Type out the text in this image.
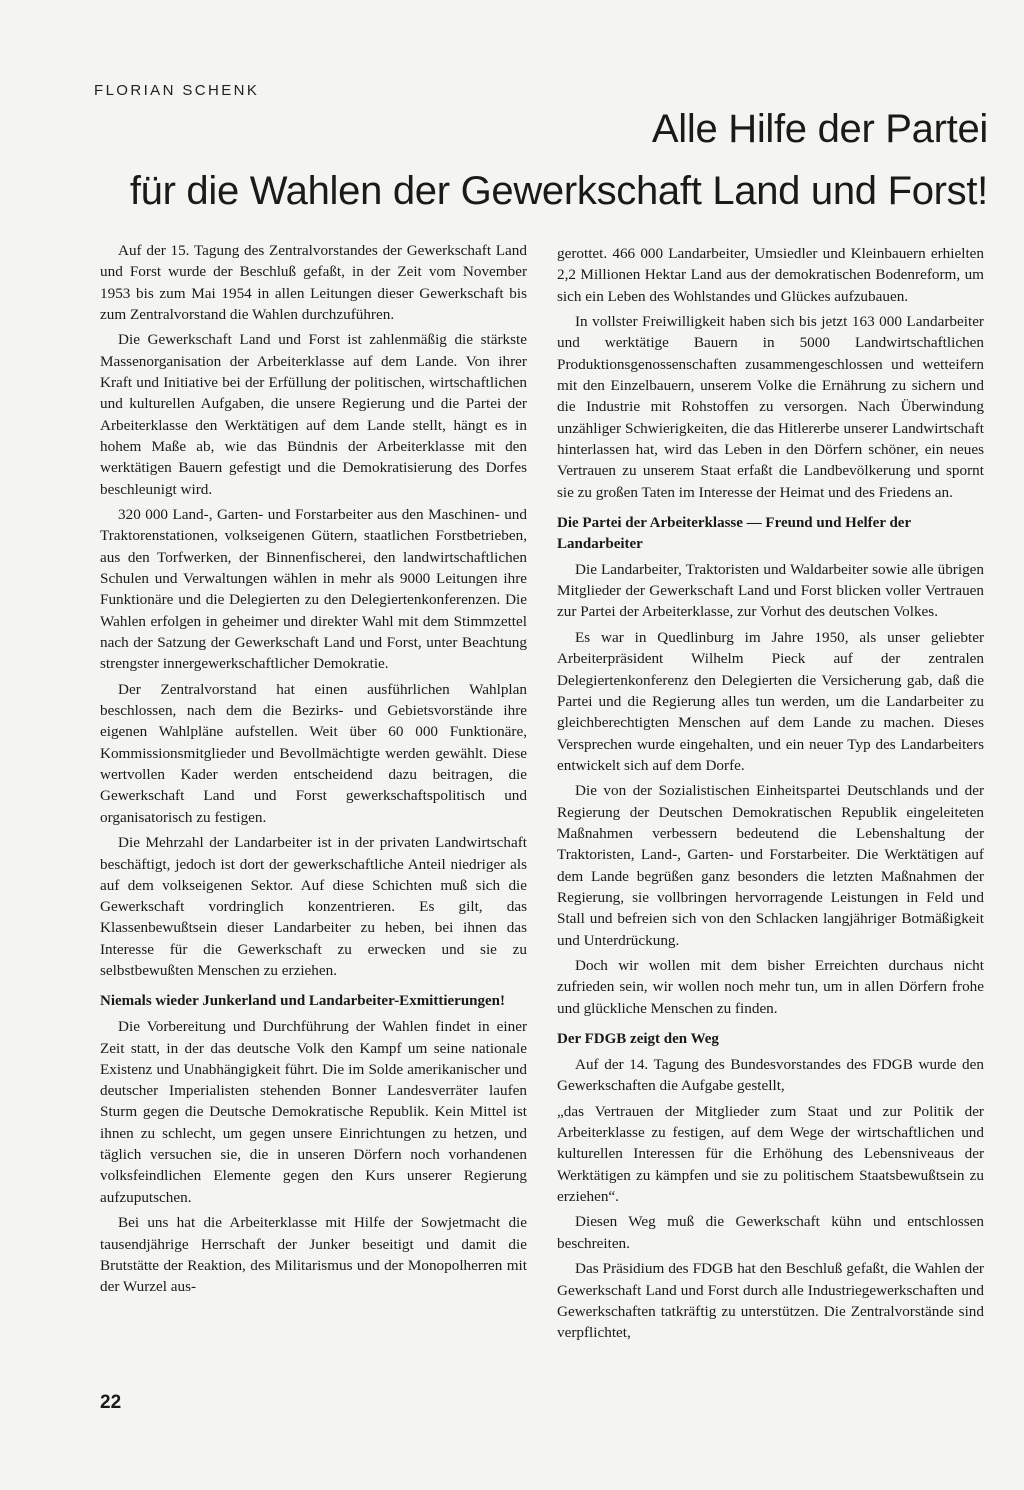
FLORIAN SCHENK
Alle Hilfe der Partei
für die Wahlen der Gewerkschaft Land und Forst!

Auf der 15. Tagung des Zentralvorstandes der Gewerkschaft Land und Forst wurde der Beschluß gefaßt, in der Zeit vom November 1953 bis zum Mai 1954 in allen Leitungen dieser Gewerkschaft bis zum Zentralvorstand die Wahlen durchzuführen.

Die Gewerkschaft Land und Forst ist zahlenmäßig die stärkste Massenorganisation der Arbeiterklasse auf dem Lande. Von ihrer Kraft und Initiative bei der Erfüllung der politischen, wirtschaftlichen und kulturellen Aufgaben, die unsere Regierung und die Partei der Arbeiterklasse den Werktätigen auf dem Lande stellt, hängt es in hohem Maße ab, wie das Bündnis der Arbeiterklasse mit den werktätigen Bauern gefestigt und die Demokratisierung des Dorfes beschleunigt wird.

320 000 Land-, Garten- und Forstarbeiter aus den Maschinen- und Traktorenstationen, volkseigenen Gütern, staatlichen Forstbetrieben, aus den Torfwerken, der Binnenfischerei, den landwirtschaftlichen Schulen und Verwaltungen wählen in mehr als 9000 Leitungen ihre Funktionäre und die Delegierten zu den Delegiertenkonferenzen. Die Wahlen erfolgen in geheimer und direkter Wahl mit dem Stimmzettel nach der Satzung der Gewerkschaft Land und Forst, unter Beachtung strengster innergewerkschaftlicher Demokratie.

Der Zentralvorstand hat einen ausführlichen Wahlplan beschlossen, nach dem die Bezirks- und Gebietsvorstände ihre eigenen Wahlpläne aufstellen. Weit über 60 000 Funktionäre, Kommissionsmitglieder und Bevollmächtigte werden gewählt. Diese wertvollen Kader werden entscheidend dazu beitragen, die Gewerkschaft Land und Forst gewerkschaftspolitisch und organisatorisch zu festigen.

Die Mehrzahl der Landarbeiter ist in der privaten Landwirtschaft beschäftigt, jedoch ist dort der gewerkschaftliche Anteil niedriger als auf dem volkseigenen Sektor. Auf diese Schichten muß sich die Gewerkschaft vordringlich konzentrieren. Es gilt, das Klassenbewußtsein dieser Landarbeiter zu heben, bei ihnen das Interesse für die Gewerkschaft zu erwecken und sie zu selbstbewußten Menschen zu erziehen.

Niemals wieder Junkerland und Landarbeiter-Exmittierungen!

Die Vorbereitung und Durchführung der Wahlen findet in einer Zeit statt, in der das deutsche Volk den Kampf um seine nationale Existenz und Unabhängigkeit führt. Die im Solde amerikanischer und deutscher Imperialisten stehenden Bonner Landesverräter laufen Sturm gegen die Deutsche Demokratische Republik. Kein Mittel ist ihnen zu schlecht, um gegen unsere Einrichtungen zu hetzen, und täglich versuchen sie, die in unseren Dörfern noch vorhandenen volksfeindlichen Elemente gegen den Kurs unserer Regierung aufzuputschen.

Bei uns hat die Arbeiterklasse mit Hilfe der Sowjetmacht die tausendjährige Herrschaft der Junker beseitigt und damit die Brutstätte der Reaktion, des Militarismus und der Monopolherren mit der Wurzel aus-

gerottet. 466 000 Landarbeiter, Umsiedler und Kleinbauern erhielten 2,2 Millionen Hektar Land aus der demokratischen Bodenreform, um sich ein Leben des Wohlstandes und Glückes aufzubauen.

In vollster Freiwilligkeit haben sich bis jetzt 163 000 Landarbeiter und werktätige Bauern in 5000 Landwirtschaftlichen Produktionsgenossenschaften zusammengeschlossen und wetteifern mit den Einzelbauern, unserem Volke die Ernährung zu sichern und die Industrie mit Rohstoffen zu versorgen. Nach Überwindung unzähliger Schwierigkeiten, die das Hitlererbe unserer Landwirtschaft hinterlassen hat, wird das Leben in den Dörfern schöner, ein neues Vertrauen zu unserem Staat erfaßt die Landbevölkerung und spornt sie zu großen Taten im Interesse der Heimat und des Friedens an.

Die Partei der Arbeiterklasse — Freund und Helfer der Landarbeiter

Die Landarbeiter, Traktoristen und Waldarbeiter sowie alle übrigen Mitglieder der Gewerkschaft Land und Forst blicken voller Vertrauen zur Partei der Arbeiterklasse, zur Vorhut des deutschen Volkes.

Es war in Quedlinburg im Jahre 1950, als unser geliebter Arbeiterpräsident Wilhelm Pieck auf der zentralen Delegiertenkonferenz den Delegierten die Versicherung gab, daß die Partei und die Regierung alles tun werden, um die Landarbeiter zu gleichberechtigten Menschen auf dem Lande zu machen. Dieses Versprechen wurde eingehalten, und ein neuer Typ des Landarbeiters entwickelt sich auf dem Dorfe.

Die von der Sozialistischen Einheitspartei Deutschlands und der Regierung der Deutschen Demokratischen Republik eingeleiteten Maßnahmen verbessern bedeutend die Lebenshaltung der Traktoristen, Land-, Garten- und Forstarbeiter. Die Werktätigen auf dem Lande begrüßen ganz besonders die letzten Maßnahmen der Regierung, sie vollbringen hervorragende Leistungen in Feld und Stall und befreien sich von den Schlacken langjähriger Botmäßigkeit und Unterdrückung.

Doch wir wollen mit dem bisher Erreichten durchaus nicht zufrieden sein, wir wollen noch mehr tun, um in allen Dörfern frohe und glückliche Menschen zu finden.

Der FDGB zeigt den Weg

Auf der 14. Tagung des Bundesvorstandes des FDGB wurde den Gewerkschaften die Aufgabe gestellt,

„das Vertrauen der Mitglieder zum Staat und zur Politik der Arbeiterklasse zu festigen, auf dem Wege der wirtschaftlichen und kulturellen Interessen für die Erhöhung des Lebensniveaus der Werktätigen zu kämpfen und sie zu politischem Staatsbewußtsein zu erziehen“.

Diesen Weg muß die Gewerkschaft kühn und entschlossen beschreiten.

Das Präsidium des FDGB hat den Beschluß gefaßt, die Wahlen der Gewerkschaft Land und Forst durch alle Industriegewerkschaften und Gewerkschaften tatkräftig zu unterstützen. Die Zentralvorstände sind verpflichtet,

22
